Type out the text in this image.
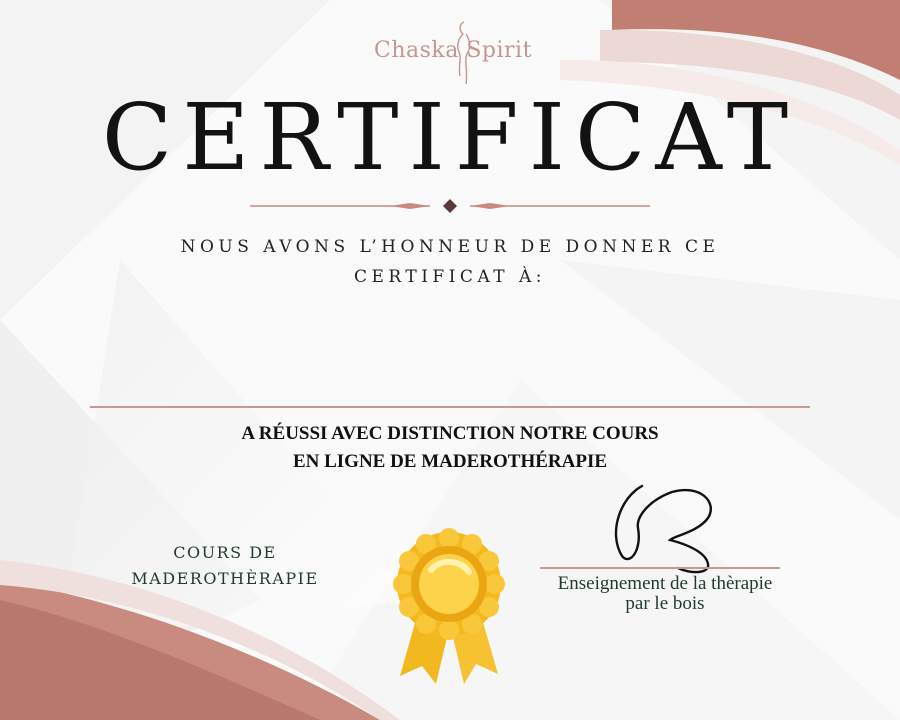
Chaska Spirit
CERTIFICAT
NOUS AVONS L’HONNEUR DE DONNER CE
CERTIFICAT À:
A RÉUSSI AVEC DISTINCTION NOTRE COURS
EN LIGNE DE MADEROTHÉRAPIE
COURS DE
MADEROTHÈRAPIE	Enseignement de la thèrapie
par le bois
